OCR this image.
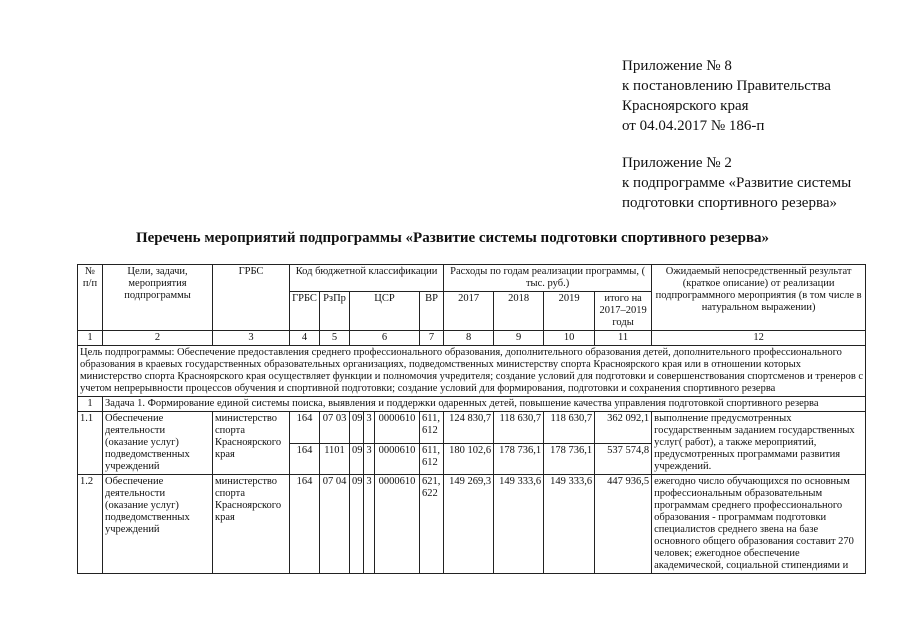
Приложение № 8
к постановлению Правительства
Красноярского края
от 04.04.2017 № 186-п
Приложение № 2
к подпрограмме «Развитие системы
подготовки спортивного резерва»
Перечень мероприятий подпрограммы «Развитие системы подготовки спортивного резерва»
№ п/п	Цели, задачи, мероприятия подпрограммы	ГРБС	Код бюджетной классификации						Расходы по годам реализации программы, ( тыс. руб.)				Ожидаемый непосредственный результат (краткое описание) от реализации подпрограммного мероприятия (в том числе в натуральном выражении)
			ГРБС	РзПр	ЦСР			ВР	2017	2018	2019	итого на 2017–2019 годы	
1	2	3	4	5	6			7	8	9	10	11	12
Цель подпрограммы: Обеспечение предоставления среднего профессионального образования, дополнительного образования детей, дополнительного профессионального образования в краевых государственных образовательных организациях, подведомственных министерству спорта Красноярского края или в отношении которых министерство спорта Красноярского края осуществляет функции и полномочия учредителя; создание условий для подготовки и совершенствования спортсменов и тренеров с учетом непрерывности процессов обучения и спортивной подготовки; создание условий для формирования, подготовки и сохранения спортивного резерва													
1	Задача 1. Формирование единой системы поиска, выявления и поддержки одаренных детей, повышение качества управления подготовкой спортивного резерва												
1.1	Обеспечение деятельности (оказание услуг) подведомственных учреждений	министерство спорта Красноярского края	164	07 03	09	3	0000610	611, 612	124 830,7	118 630,7	118 630,7	362 092,1	выполнение предусмотренных государственным заданием государственных услуг( работ), а также мероприятий, предусмотренных программами развития учреждений.
			164	1101	09	3	0000610	611, 612	180 102,6	178 736,1	178 736,1	537 574,8	
1.2	Обеспечение деятельности (оказание услуг) подведомственных учреждений	министерство спорта Красноярского края	164	07 04	09	3	0000610	621, 622	149 269,3	149 333,6	149 333,6	447 936,5	ежегодно число обучающихся по основным профессиональным образовательным программам среднего профессионального образования - программам подготовки специалистов среднего звена на базе основного общего образования составит 270 человек; ежегодное обеспечение академической, социальной стипендиями и
